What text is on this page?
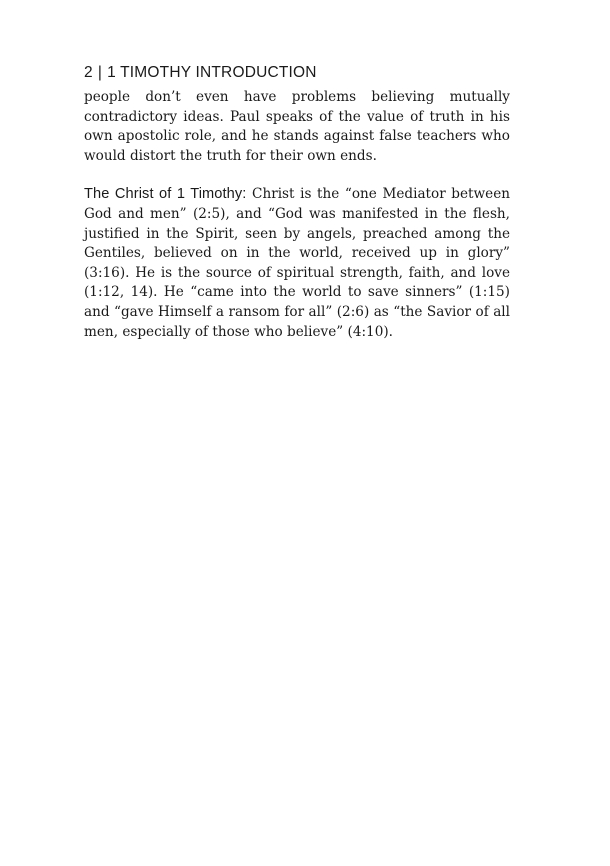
2 | 1 TIMOTHY INTRODUCTION

people don’t even have problems believing mutually contradictory ideas. Paul speaks of the value of truth in his own apostolic role, and he stands against false teachers who would distort the truth for their own ends.

The Christ of 1 Timothy: Christ is the “one Mediator between God and men” (2:5), and “God was manifested in the flesh, justified in the Spirit, seen by angels, preached among the Gentiles, believed on in the world, received up in glory” (3:16). He is the source of spiritual strength, faith, and love (1:12, 14). He “came into the world to save sinners” (1:15) and “gave Himself a ransom for all” (2:6) as “the Savior of all men, especially of those who believe” (4:10).
